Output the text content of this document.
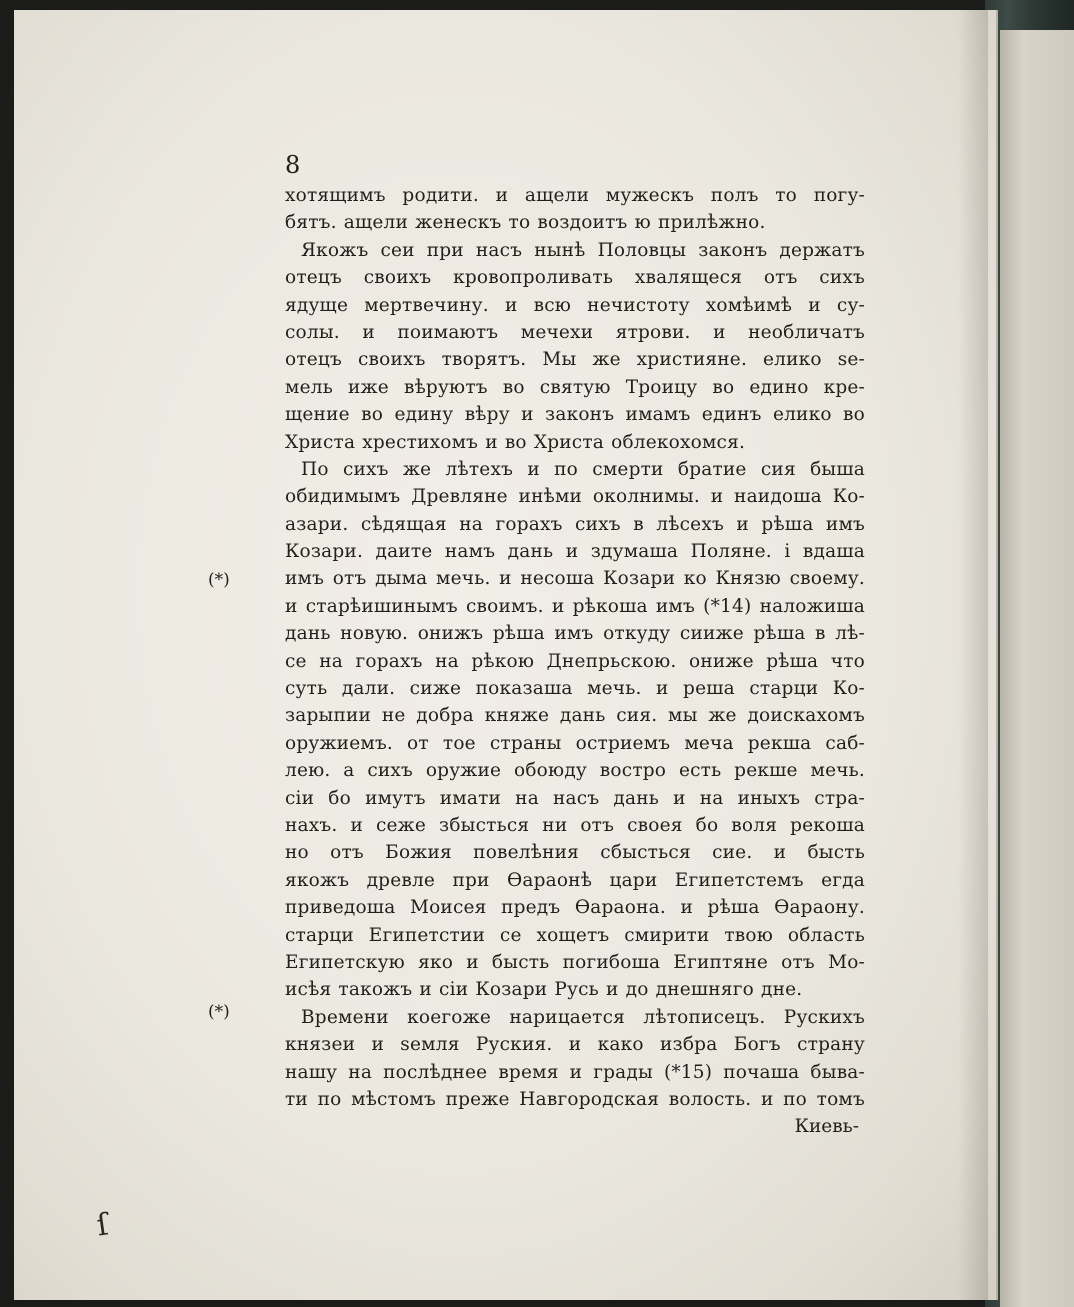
8
хотящимъ родити. и ащели мужескъ полъ то погу-
бятъ. ащели женескъ то воздоитъ ю прилѣжно.
Якожъ сеи при насъ нынѣ Половцы законъ держатъ
отецъ своихъ кровопроливать хвалящеся отъ сихъ
ядуще мертвечину. и всю нечистоту хомѣимѣ и су-
солы. и поимаютъ мечехи ятрови. и необличатъ
отецъ своихъ творятъ. Мы же християне. елико ѕе-
мель иже вѣруютъ во святую Троицу во едино кре-
щение во едину вѣру и законъ имамъ единъ елико во
Христа хрестихомъ и во Христа облекохомся.
По сихъ же лѣтехъ и по смерти братие сия быша
обидимымъ Древляне инѣми околнимы. и наидоша Ко-
азари. сѣдящая на горахъ сихъ в лѣсехъ и рѣша имъ
Козари. даите намъ дань и здумаша Поляне. і вдаша
имъ отъ дыма мечь. и несоша Козари ко Князю своему.
и старѣишинымъ своимъ. и рѣкоша имъ (*14) наложиша
дань новую. онижъ рѣша имъ откуду сииже рѣша в лѣ-
се на горахъ на рѣкою Днепрьскою. ониже рѣша что
суть дали. сиже показаша мечь. и реша старци Ко-
зарыпии не добра княже дань сия. мы же доискахомъ
оружиемъ. от тое страны остриемъ меча рекша саб-
лею. а сихъ оружие обоюду востро есть рекше мечь.
сіи бо имутъ имати на насъ дань и на иныхъ стра-
нахъ. и сеже збысться ни отъ своея бо воля рекоша
но отъ Божия повелѣния сбысться сие. и бысть
якожъ древле при Ѳараонѣ цари Египетстемъ егда
приведоша Моисея предъ Ѳараона. и рѣша Ѳараону.
старци Египетстии се хощетъ смирити твою область
Египетскую яко и бысть погибоша Египтяне отъ Мо-
исѣя такожъ и сіи Козари Русь и до днешняго дне.
Времени коегоже нарицается лѣтописецъ. Рускихъ
князеи и ѕемля Руския. и како избра Богъ страну
нашу на послѣднее время и грады (*15) почаша быва-
ти по мѣстомъ преже Навгородская волость. и по томъ
Киевь-
(*)
(*)
ſ
